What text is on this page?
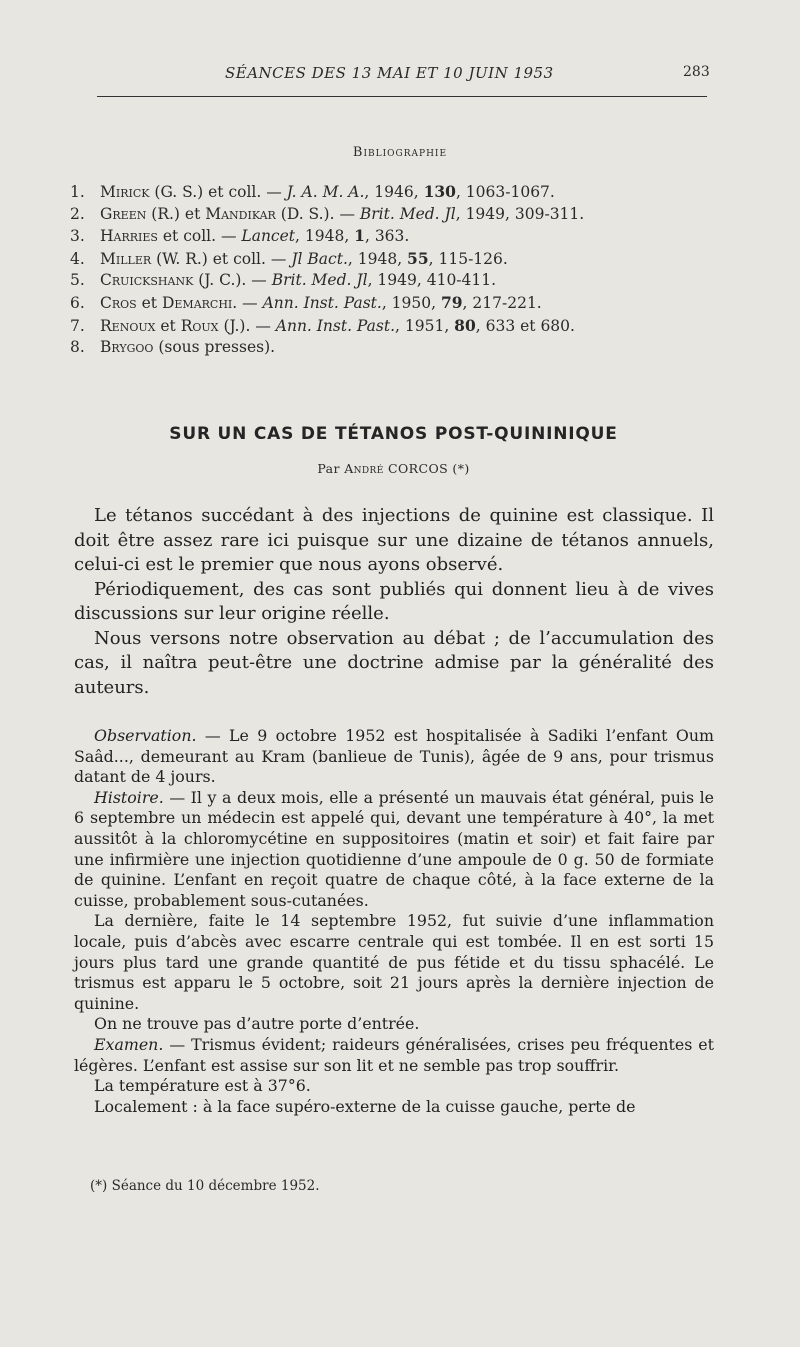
SÉANCES DES 13 MAI ET 10 JUIN 1953	283
Bibliographie
1. Mirick (G. S.) et coll. — J. A. M. A., 1946, 130, 1063-1067.
2. Green (R.) et Mandikar (D. S.). — Brit. Med. Jl, 1949, 309-311.
3. Harries et coll. — Lancet, 1948, 1, 363.
4. Miller (W. R.) et coll. — Jl Bact., 1948, 55, 115-126.
5. Cruickshank (J. C.). — Brit. Med. Jl, 1949, 410-411.
6. Cros et Demarchi. — Ann. Inst. Past., 1950, 79, 217-221.
7. Renoux et Roux (J.). — Ann. Inst. Past., 1951, 80, 633 et 680.
8. Brygoo (sous presses).
SUR UN CAS DE TÉTANOS POST-QUININIQUE
Par André CORCOS (*)

Le tétanos succédant à des injections de quinine est classique. Il doit être assez rare ici puisque sur une dizaine de tétanos annuels, celui-ci est le premier que nous ayons observé.

Périodiquement, des cas sont publiés qui donnent lieu à de vives discussions sur leur origine réelle.

Nous versons notre observation au débat ; de l’accumulation des cas, il naîtra peut-être une doctrine admise par la généralité des auteurs.

Observation. — Le 9 octobre 1952 est hospitalisée à Sadiki l’enfant Oum Saâd..., demeurant au Kram (banlieue de Tunis), âgée de 9 ans, pour trismus datant de 4 jours.

Histoire. — Il y a deux mois, elle a présenté un mauvais état général, puis le 6 septembre un médecin est appelé qui, devant une température à 40°, la met aussitôt à la chloromycétine en suppositoires (matin et soir) et fait faire par une infirmière une injection quotidienne d’une ampoule de 0 g. 50 de formiate de quinine. L’enfant en reçoit quatre de chaque côté, à la face externe de la cuisse, probablement sous-cutanées.

La dernière, faite le 14 septembre 1952, fut suivie d’une inflammation locale, puis d’abcès avec escarre centrale qui est tombée. Il en est sorti 15 jours plus tard une grande quantité de pus fétide et du tissu sphacélé. Le trismus est apparu le 5 octobre, soit 21 jours après la dernière injection de quinine.

On ne trouve pas d’autre porte d’entrée.

Examen. — Trismus évident; raideurs généralisées, crises peu fréquentes et légères. L’enfant est assise sur son lit et ne semble pas trop souffrir.

La température est à 37°6.

Localement : à la face supéro-externe de la cuisse gauche, perte de

(*) Séance du 10 décembre 1952.
